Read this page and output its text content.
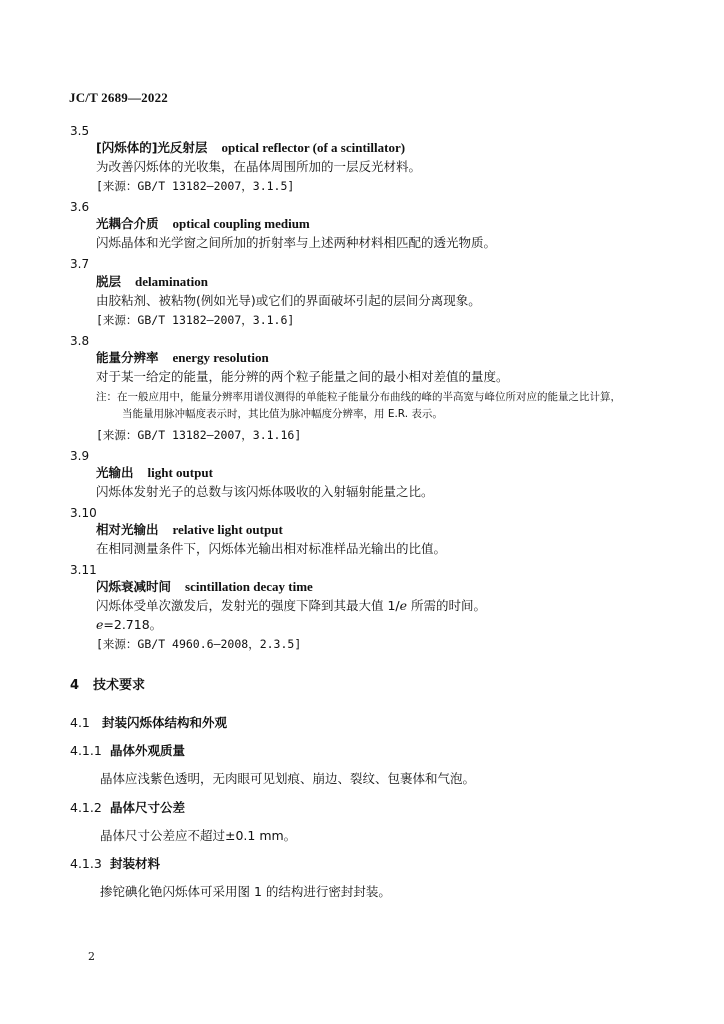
JC/T 2689—2022
3.5
[闪烁体的]光反射层 optical reflector (of a scintillator)
为改善闪烁体的光收集，在晶体周围所加的一层反光材料。
[来源：GB/T 13182—2007，3.1.5]
3.6
光耦合介质 optical coupling medium
闪烁晶体和光学窗之间所加的折射率与上述两种材料相匹配的透光物质。
3.7
脱层 delamination
由胶粘剂、被粘物(例如光导)或它们的界面破坏引起的层间分离现象。
[来源：GB/T 13182—2007，3.1.6]
3.8
能量分辨率 energy resolution
对于某一给定的能量，能分辨的两个粒子能量之间的最小相对差值的量度。
注：在一般应用中，能量分辨率用谱仪测得的单能粒子能量分布曲线的峰的半高宽与峰位所对应的能量之比计算，
当能量用脉冲幅度表示时，其比值为脉冲幅度分辨率，用 E.R. 表示。
[来源：GB/T 13182—2007，3.1.16]
3.9
光输出 light output
闪烁体发射光子的总数与该闪烁体吸收的入射辐射能量之比。
3.10
相对光输出 relative light output
在相同测量条件下，闪烁体光输出相对标准样品光输出的比值。
3.11
闪烁衰减时间 scintillation decay time
闪烁体受单次激发后，发射光的强度下降到其最大值 1/e 所需的时间。
e=2.718。
[来源：GB/T 4960.6—2008，2.3.5]
4 技术要求
4.1 封装闪烁体结构和外观
4.1.1 晶体外观质量
晶体应浅紫色透明，无肉眼可见划痕、崩边、裂纹、包裹体和气泡。
4.1.2 晶体尺寸公差
晶体尺寸公差应不超过±0.1 mm。
4.1.3 封装材料
掺铊碘化铯闪烁体可采用图 1 的结构进行密封封装。
2
